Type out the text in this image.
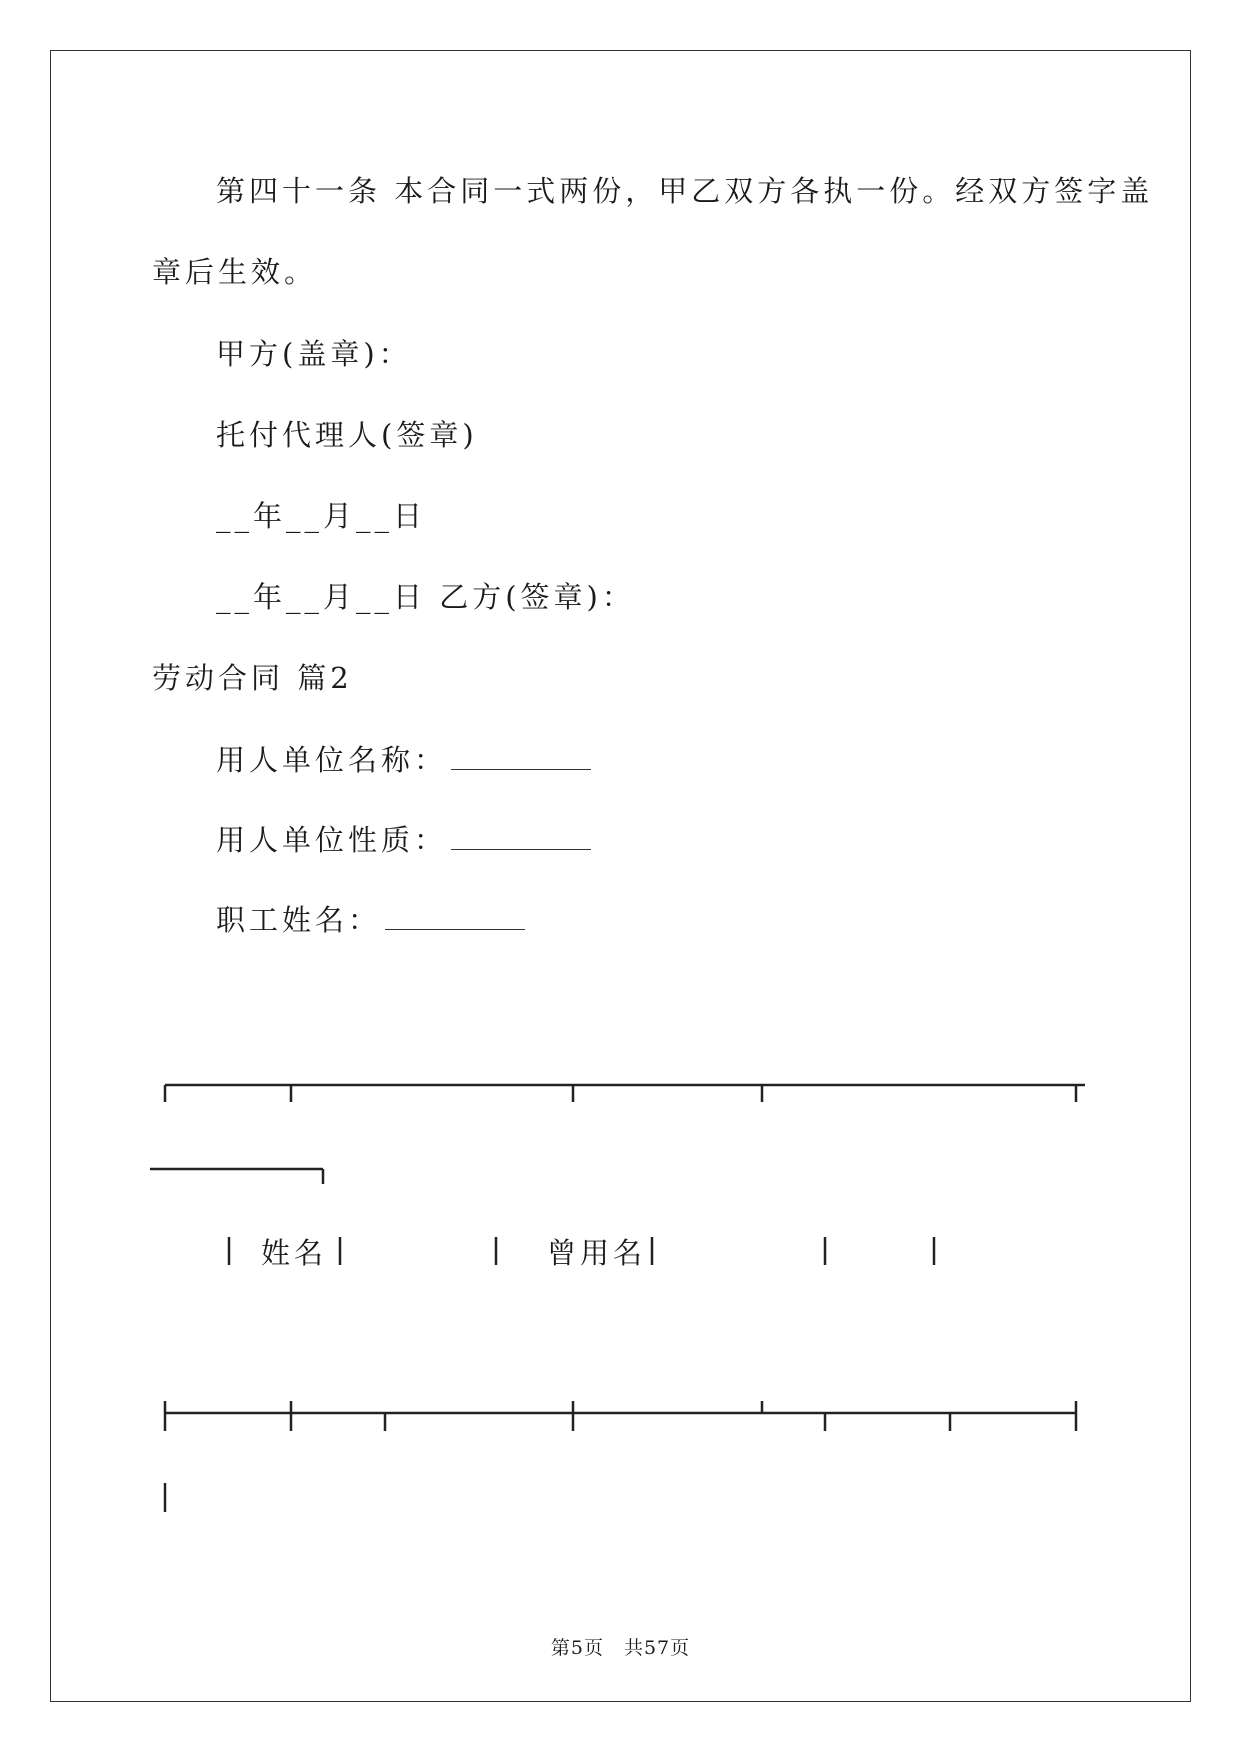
第四十一条 本合同一式两份，甲乙双方各执一份。经双方签字盖
章后生效。
甲方(盖章)：
托付代理人(签章)
__年__月__日
__年__月__日 乙方(签章)：
劳动合同 篇2
用人单位名称：
用人单位性质：
职工姓名：
姓名	曾用名
第5页　共57页
